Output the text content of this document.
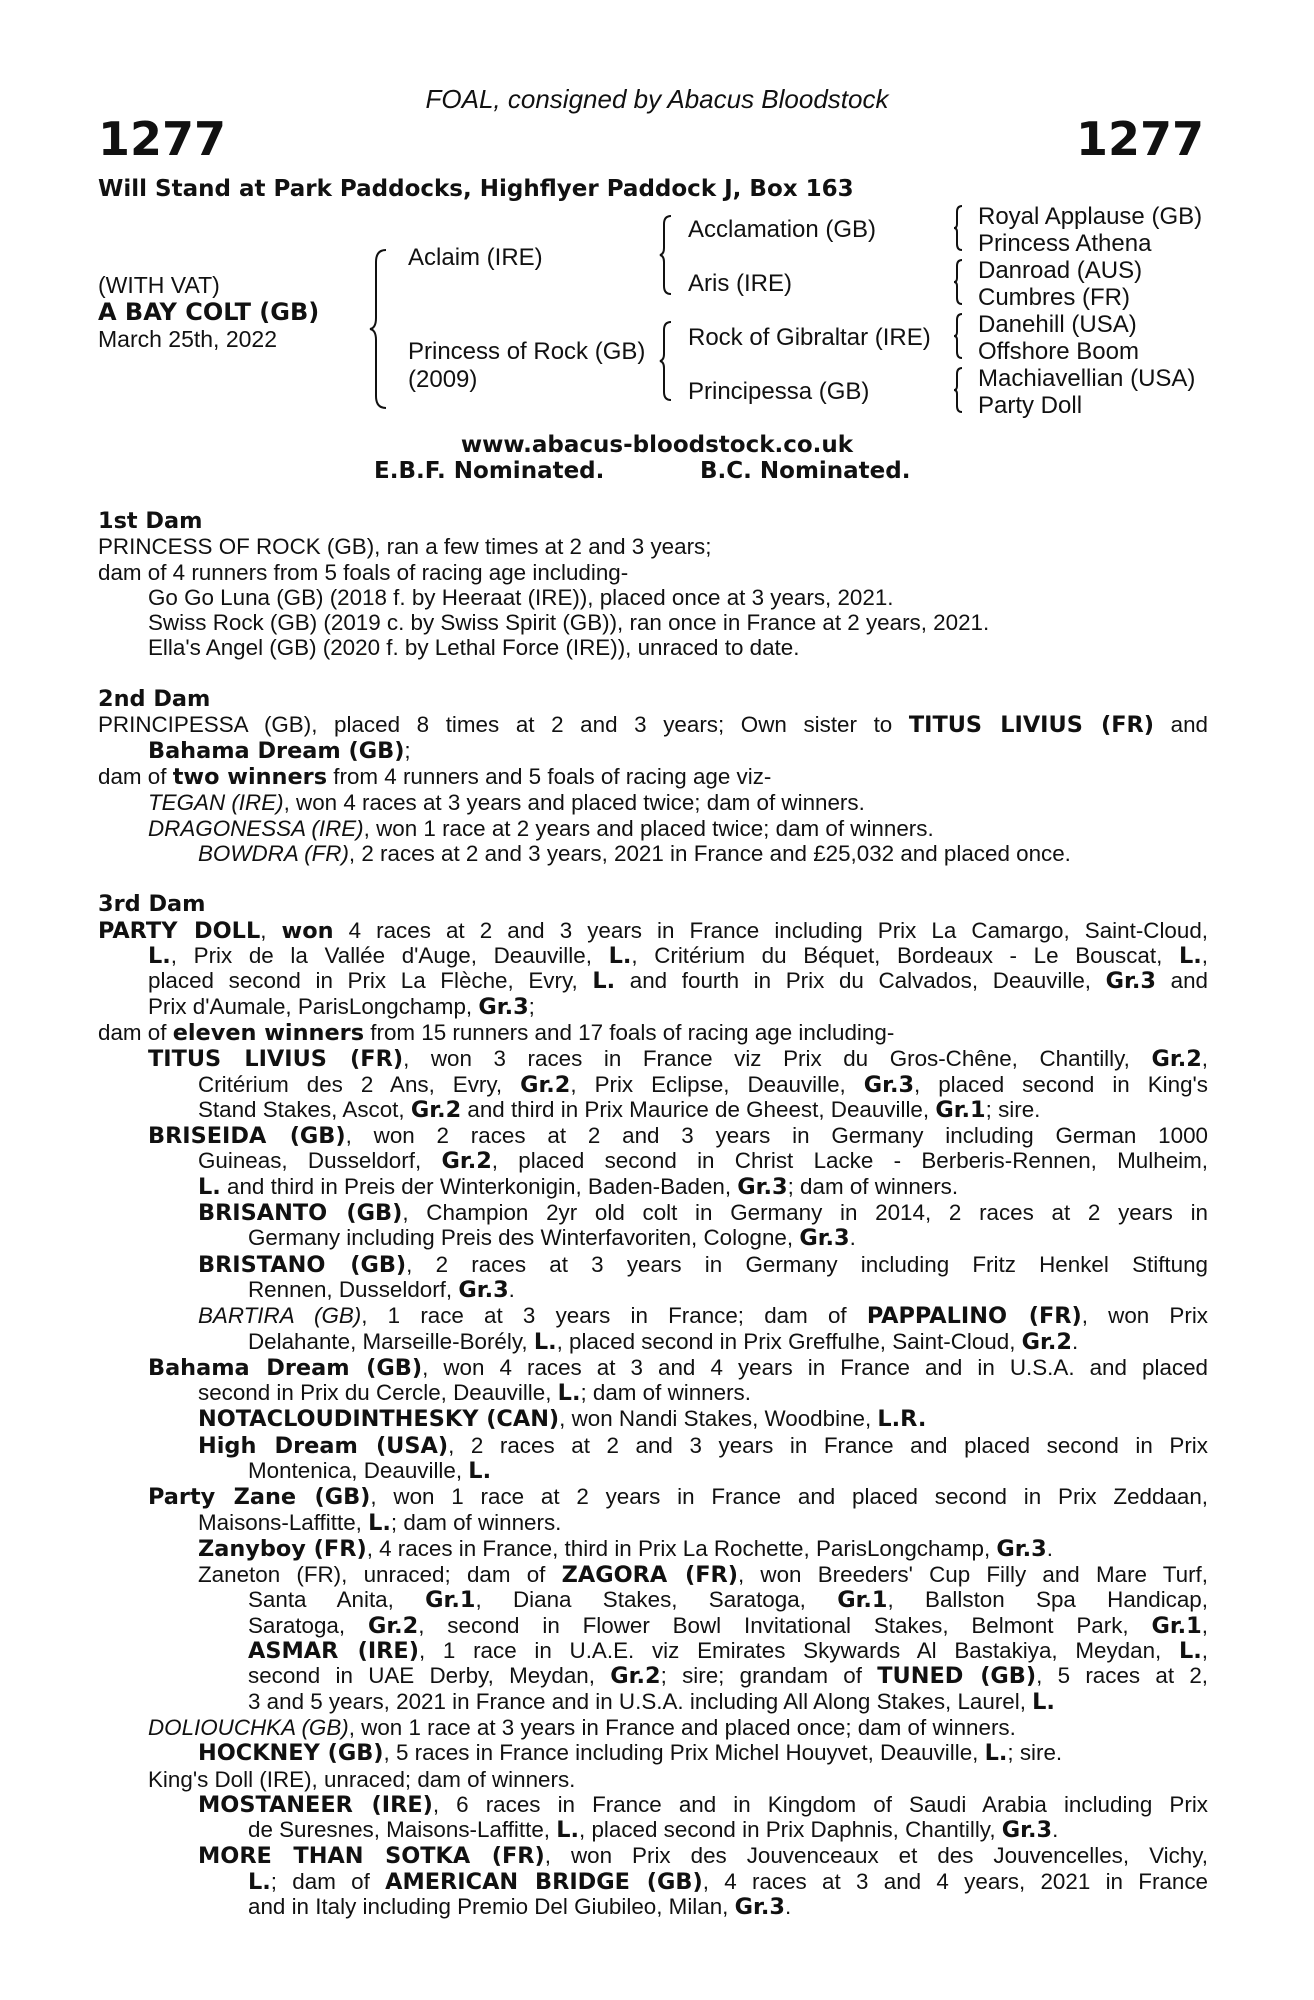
FOAL, consigned by Abacus Bloodstock
1277	1277
Will Stand at Park Paddocks, Highflyer Paddock J, Box 163
(WITH VAT)
A BAY COLT (GB)
March 25th, 2022
Aclaim (IRE)
Princess of Rock (GB)
(2009)
Acclamation (GB)
Aris (IRE)
Rock of Gibraltar (IRE)
Principessa (GB)
Royal Applause (GB)
Princess Athena
Danroad (AUS)
Cumbres (FR)
Danehill (USA)
Offshore Boom
Machiavellian (USA)
Party Doll
www.abacus-bloodstock.co.uk
E.B.F. Nominated.	B.C. Nominated.
1st Dam
PRINCESS OF ROCK (GB), ran a few times at 2 and 3 years;
dam of 4 runners from 5 foals of racing age including-
Go Go Luna (GB) (2018 f. by Heeraat (IRE)), placed once at 3 years, 2021.
Swiss Rock (GB) (2019 c. by Swiss Spirit (GB)), ran once in France at 2 years, 2021.
Ella's Angel (GB) (2020 f. by Lethal Force (IRE)), unraced to date.
2nd Dam
PRINCIPESSA (GB), placed 8 times at 2 and 3 years; Own sister to TITUS LIVIUS (FR) and
Bahama Dream (GB);
dam of two winners from 4 runners and 5 foals of racing age viz-
TEGAN (IRE), won 4 races at 3 years and placed twice; dam of winners.
DRAGONESSA (IRE), won 1 race at 2 years and placed twice; dam of winners.
BOWDRA (FR), 2 races at 2 and 3 years, 2021 in France and £25,032 and placed once.
3rd Dam
PARTY DOLL, won 4 races at 2 and 3 years in France including Prix La Camargo, Saint-Cloud,
L., Prix de la Vallée d'Auge, Deauville, L., Critérium du Béquet, Bordeaux - Le Bouscat, L.,
placed second in Prix La Flèche, Evry, L. and fourth in Prix du Calvados, Deauville, Gr.3 and
Prix d'Aumale, ParisLongchamp, Gr.3;
dam of eleven winners from 15 runners and 17 foals of racing age including-
TITUS LIVIUS (FR), won 3 races in France viz Prix du Gros-Chêne, Chantilly, Gr.2,
Critérium des 2 Ans, Evry, Gr.2, Prix Eclipse, Deauville, Gr.3, placed second in King's
Stand Stakes, Ascot, Gr.2 and third in Prix Maurice de Gheest, Deauville, Gr.1; sire.
BRISEIDA (GB), won 2 races at 2 and 3 years in Germany including German 1000
Guineas, Dusseldorf, Gr.2, placed second in Christ Lacke - Berberis-Rennen, Mulheim,
L. and third in Preis der Winterkonigin, Baden-Baden, Gr.3; dam of winners.
BRISANTO (GB), Champion 2yr old colt in Germany in 2014, 2 races at 2 years in
Germany including Preis des Winterfavoriten, Cologne, Gr.3.
BRISTANO (GB), 2 races at 3 years in Germany including Fritz Henkel Stiftung
Rennen, Dusseldorf, Gr.3.
BARTIRA (GB), 1 race at 3 years in France; dam of PAPPALINO (FR), won Prix
Delahante, Marseille-Borély, L., placed second in Prix Greffulhe, Saint-Cloud, Gr.2.
Bahama Dream (GB), won 4 races at 3 and 4 years in France and in U.S.A. and placed
second in Prix du Cercle, Deauville, L.; dam of winners.
NOTACLOUDINTHESKY (CAN), won Nandi Stakes, Woodbine, L.R.
High Dream (USA), 2 races at 2 and 3 years in France and placed second in Prix
Montenica, Deauville, L.
Party Zane (GB), won 1 race at 2 years in France and placed second in Prix Zeddaan,
Maisons-Laffitte, L.; dam of winners.
Zanyboy (FR), 4 races in France, third in Prix La Rochette, ParisLongchamp, Gr.3.
Zaneton (FR), unraced; dam of ZAGORA (FR), won Breeders' Cup Filly and Mare Turf,
Santa Anita, Gr.1, Diana Stakes, Saratoga, Gr.1, Ballston Spa Handicap,
Saratoga, Gr.2, second in Flower Bowl Invitational Stakes, Belmont Park, Gr.1,
ASMAR (IRE), 1 race in U.A.E. viz Emirates Skywards Al Bastakiya, Meydan, L.,
second in UAE Derby, Meydan, Gr.2; sire; grandam of TUNED (GB), 5 races at 2,
3 and 5 years, 2021 in France and in U.S.A. including All Along Stakes, Laurel, L.
DOLIOUCHKA (GB), won 1 race at 3 years in France and placed once; dam of winners.
HOCKNEY (GB), 5 races in France including Prix Michel Houyvet, Deauville, L.; sire.
King's Doll (IRE), unraced; dam of winners.
MOSTANEER (IRE), 6 races in France and in Kingdom of Saudi Arabia including Prix
de Suresnes, Maisons-Laffitte, L., placed second in Prix Daphnis, Chantilly, Gr.3.
MORE THAN SOTKA (FR), won Prix des Jouvenceaux et des Jouvencelles, Vichy,
L.; dam of AMERICAN BRIDGE (GB), 4 races at 3 and 4 years, 2021 in France
and in Italy including Premio Del Giubileo, Milan, Gr.3.
